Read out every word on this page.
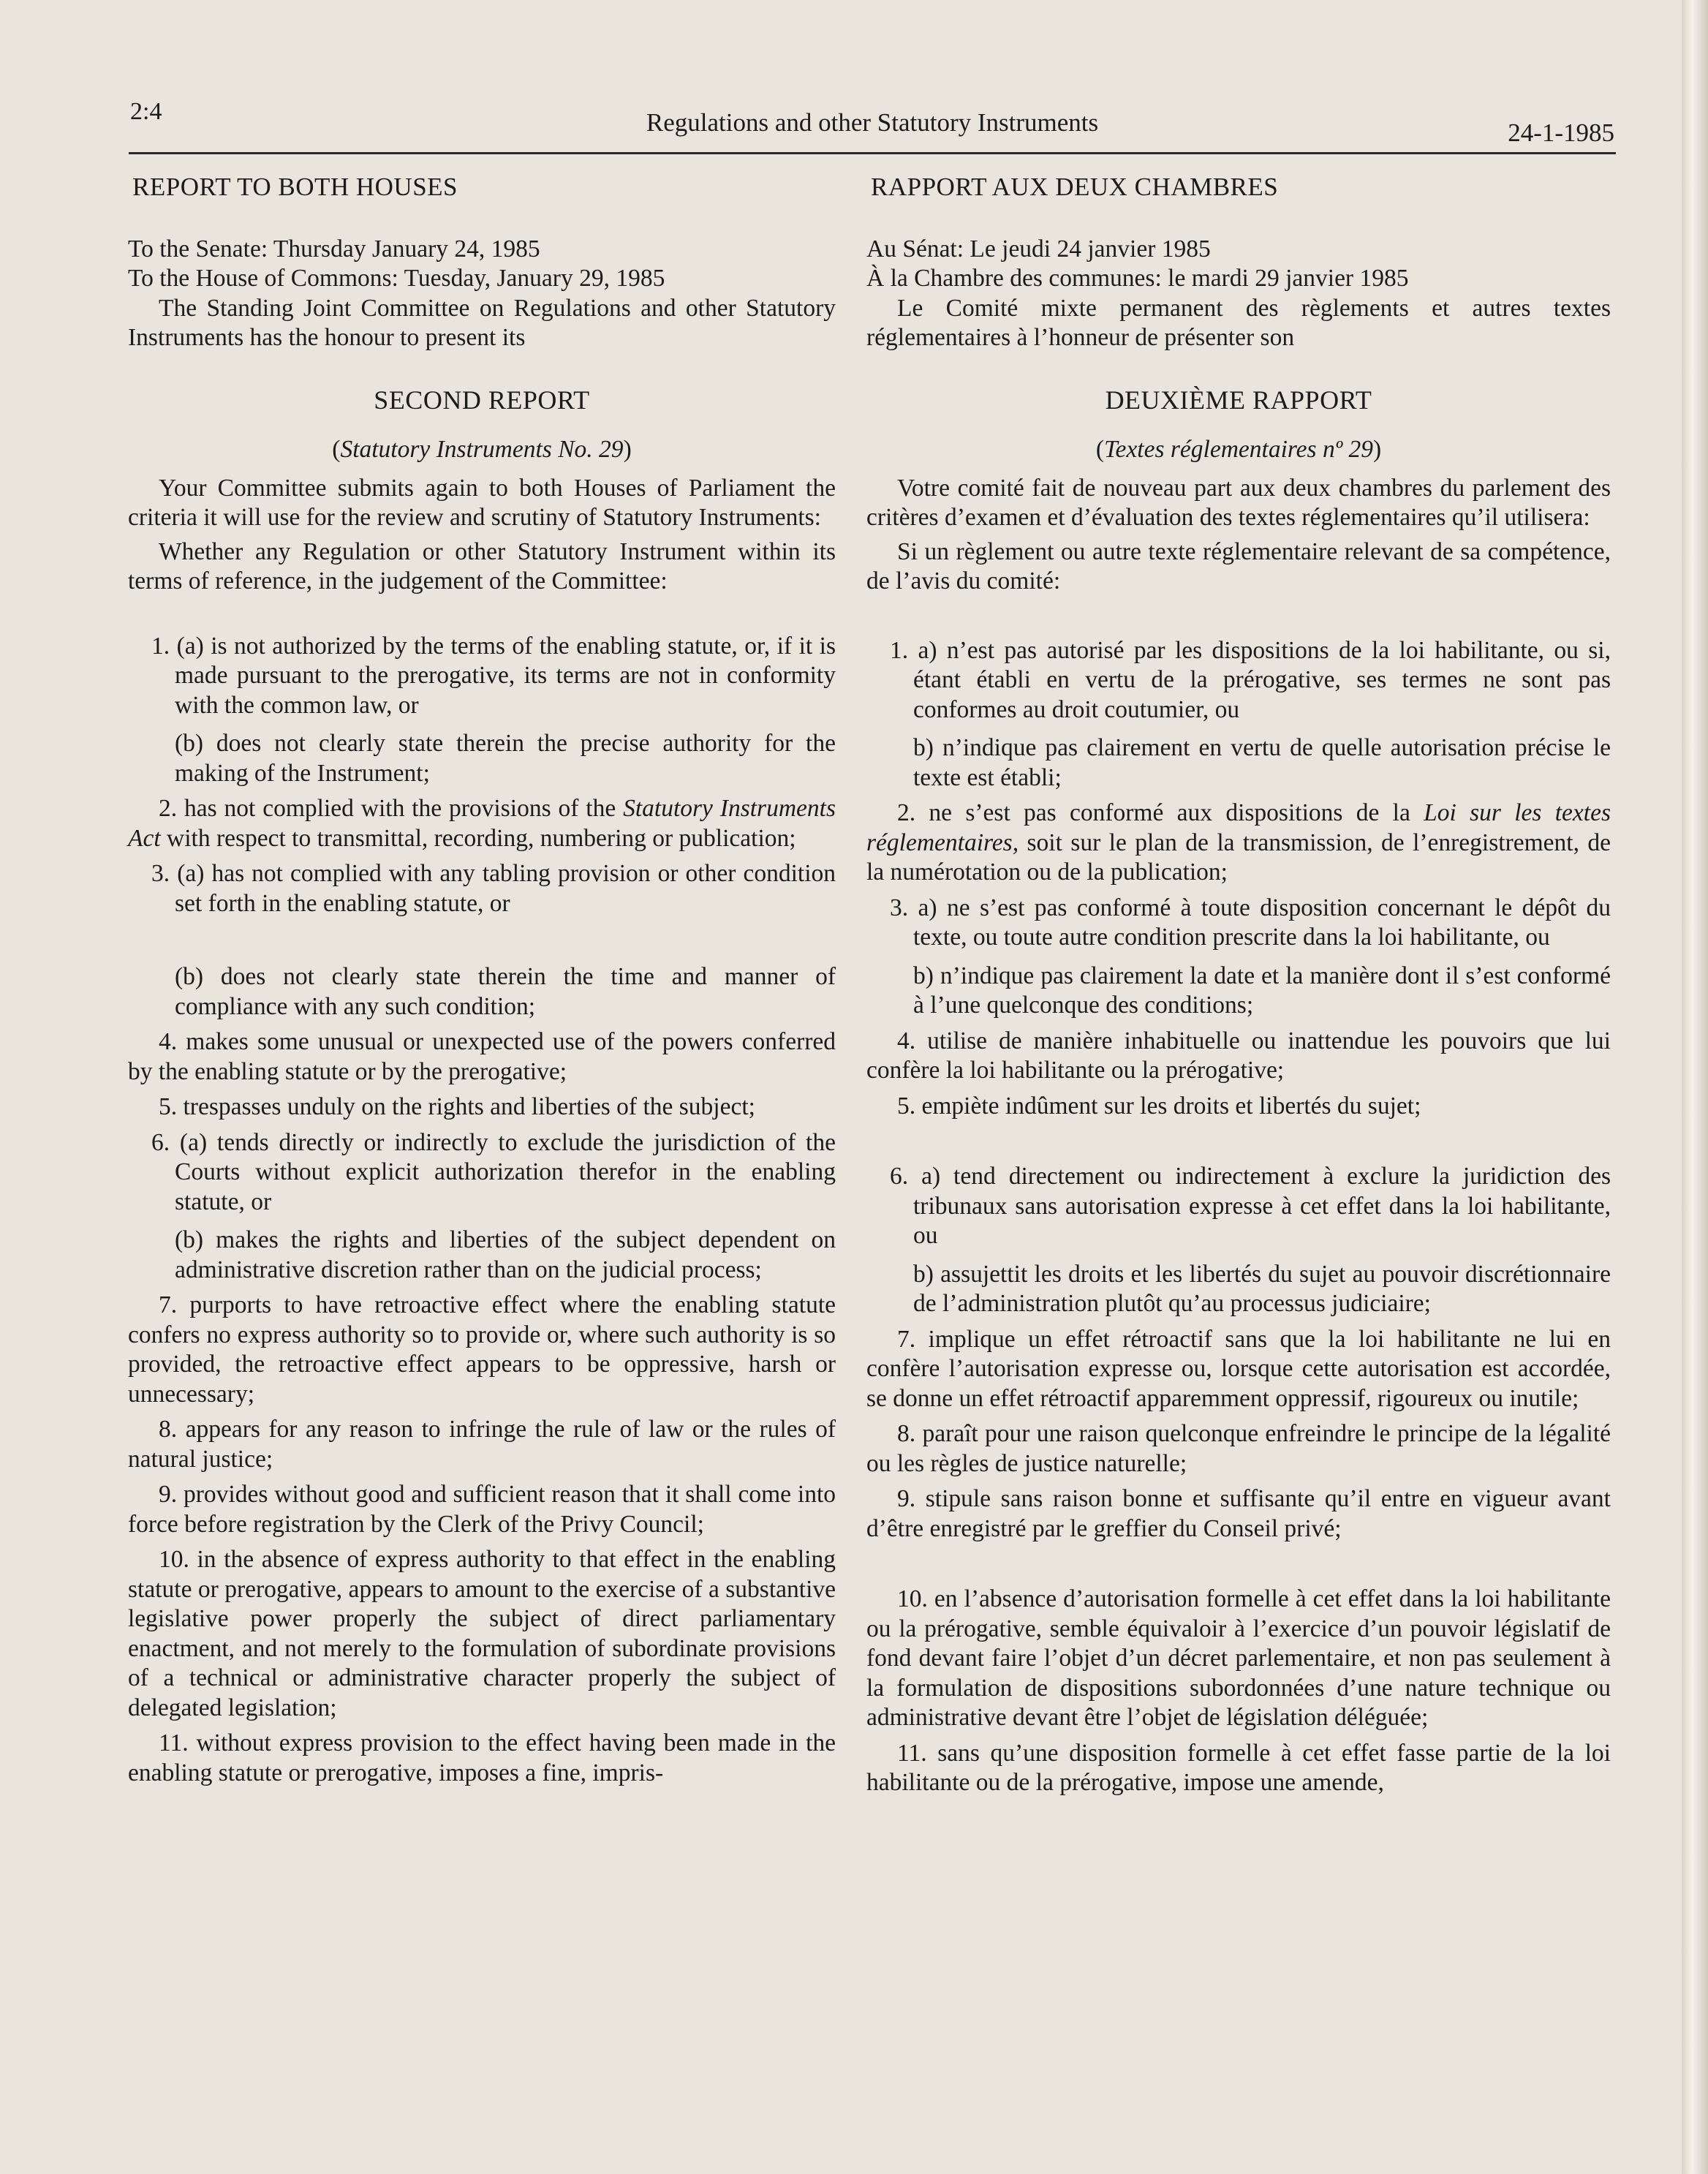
2:4	Regulations and other Statutory Instruments	24-1-1985
REPORT TO BOTH HOUSES

To the Senate: Thursday January 24, 1985

To the House of Commons: Tuesday, January 29, 1985

The Standing Joint Committee on Regulations and other Statutory Instruments has the honour to present its

SECOND REPORT

(Statutory Instruments No. 29)

Your Committee submits again to both Houses of Parliament the criteria it will use for the review and scrutiny of Statutory Instruments:

Whether any Regulation or other Statutory Instrument within its terms of reference, in the judgement of the Committee:

1. (a) is not authorized by the terms of the enabling statute, or, if it is made pursuant to the prerogative, its terms are not in conformity with the common law, or

(b) does not clearly state therein the precise authority for the making of the Instrument;

2. has not complied with the provisions of the Statutory Instruments Act with respect to transmittal, recording, numbering or publication;

3. (a) has not complied with any tabling provision or other condition set forth in the enabling statute, or

(b) does not clearly state therein the time and manner of compliance with any such condition;

4. makes some unusual or unexpected use of the powers conferred by the enabling statute or by the prerogative;

5. trespasses unduly on the rights and liberties of the subject;

6. (a) tends directly or indirectly to exclude the jurisdiction of the Courts without explicit authorization therefor in the enabling statute, or

(b) makes the rights and liberties of the subject dependent on administrative discretion rather than on the judicial process;

7. purports to have retroactive effect where the enabling statute confers no express authority so to provide or, where such authority is so provided, the retroactive effect appears to be oppressive, harsh or unnecessary;

8. appears for any reason to infringe the rule of law or the rules of natural justice;

9. provides without good and sufficient reason that it shall come into force before registration by the Clerk of the Privy Council;

10. in the absence of express authority to that effect in the enabling statute or prerogative, appears to amount to the exercise of a substantive legislative power properly the subject of direct parliamentary enactment, and not merely to the formulation of subordinate provisions of a technical or administrative character properly the subject of delegated legislation;

11. without express provision to the effect having been made in the enabling statute or prerogative, imposes a fine, impris-

RAPPORT AUX DEUX CHAMBRES

Au Sénat: Le jeudi 24 janvier 1985

À la Chambre des communes: le mardi 29 janvier 1985

Le Comité mixte permanent des règlements et autres textes réglementaires à l’honneur de présenter son

DEUXIÈME RAPPORT

(Textes réglementaires nº 29)

Votre comité fait de nouveau part aux deux chambres du parlement des critères d’examen et d’évaluation des textes réglementaires qu’il utilisera:

Si un règlement ou autre texte réglementaire relevant de sa compétence, de l’avis du comité:

1. a) n’est pas autorisé par les dispositions de la loi habilitante, ou si, étant établi en vertu de la prérogative, ses termes ne sont pas conformes au droit coutumier, ou

b) n’indique pas clairement en vertu de quelle autorisation précise le texte est établi;

2. ne s’est pas conformé aux dispositions de la Loi sur les textes réglementaires, soit sur le plan de la transmission, de l’enregistrement, de la numérotation ou de la publication;

3. a) ne s’est pas conformé à toute disposition concernant le dépôt du texte, ou toute autre condition prescrite dans la loi habilitante, ou

b) n’indique pas clairement la date et la manière dont il s’est conformé à l’une quelconque des conditions;

4. utilise de manière inhabituelle ou inattendue les pouvoirs que lui confère la loi habilitante ou la prérogative;

5. empiète indûment sur les droits et libertés du sujet;

6. a) tend directement ou indirectement à exclure la juridiction des tribunaux sans autorisation expresse à cet effet dans la loi habilitante, ou

b) assujettit les droits et les libertés du sujet au pouvoir discrétionnaire de l’administration plutôt qu’au processus judiciaire;

7. implique un effet rétroactif sans que la loi habilitante ne lui en confère l’autorisation expresse ou, lorsque cette autorisation est accordée, se donne un effet rétroactif apparemment oppressif, rigoureux ou inutile;

8. paraît pour une raison quelconque enfreindre le principe de la légalité ou les règles de justice naturelle;

9. stipule sans raison bonne et suffisante qu’il entre en vigueur avant d’être enregistré par le greffier du Conseil privé;

10. en l’absence d’autorisation formelle à cet effet dans la loi habilitante ou la prérogative, semble équivaloir à l’exercice d’un pouvoir législatif de fond devant faire l’objet d’un décret parlementaire, et non pas seulement à la formulation de dispositions subordonnées d’une nature technique ou administrative devant être l’objet de législation déléguée;

11. sans qu’une disposition formelle à cet effet fasse partie de la loi habilitante ou de la prérogative, impose une amende,
